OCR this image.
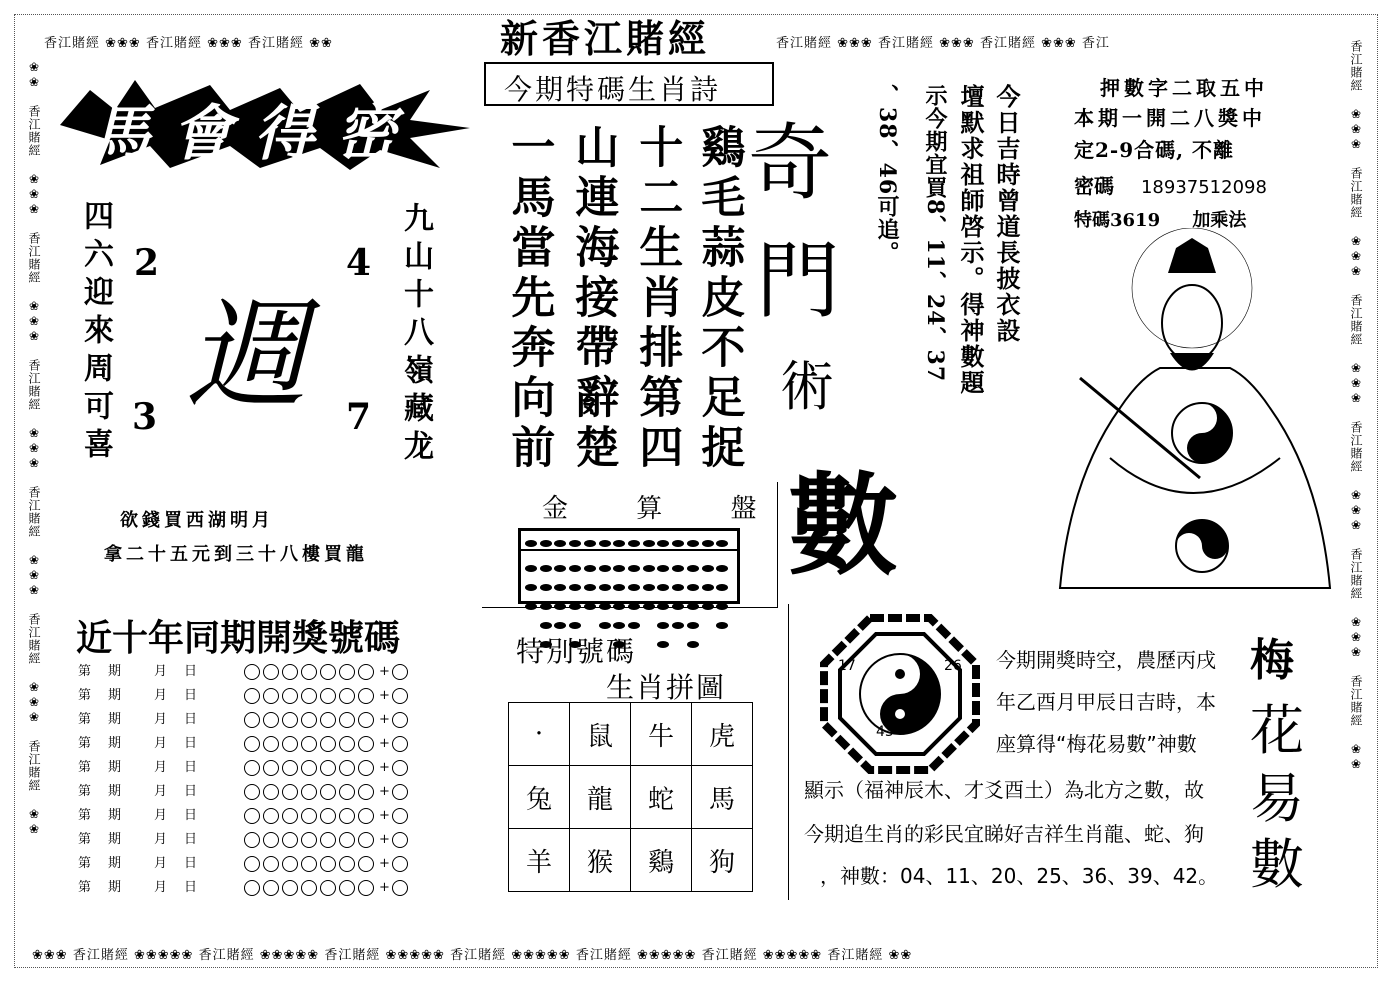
香江賭經 ❀❀❀ 香江賭經 ❀❀❀ 香江賭經 ❀❀	香江賭經 ❀❀❀ 香江賭經 ❀❀❀ 香江賭經 ❀❀❀ 香江
❀❀❀ 香江賭經 ❀❀❀❀❀ 香江賭經 ❀❀❀❀❀ 香江賭經 ❀❀❀❀❀ 香江賭經 ❀❀❀❀❀ 香江賭經 ❀❀❀❀❀ 香江賭經 ❀❀❀❀❀ 香江賭經 ❀❀
❀❀ 香江賭經 ❀❀❀ 香江賭經 ❀❀❀ 香江賭經 ❀❀❀ 香江賭經 ❀❀❀ 香江賭經 ❀❀❀ 香江賭經 ❀❀
香江賭經 ❀❀❀ 香江賭經 ❀❀❀ 香江賭經 ❀❀❀ 香江賭經 ❀❀❀ 香江賭經 ❀❀❀ 香江賭經 ❀❀
新香江賭經
今期特碼生肖詩
馬會得密
四六迎來周可喜	九山十八嶺藏龙
2	4
3	7
週
欲錢買西湖明月
拿二十五元到三十八樓買龍
鷄毛蒜皮不足捉
十二生肖排第四
山連海接帶辭楚
一馬當先奔向前 奇
門
術
數
金 算 盤
今日吉時曾道長披衣設
壇默求祖師啓示。得神數題
示今期宜買8、11、24、37
、38、46可追。	押數字二取五中
本期一開二八獎中
定2-9合碼, 不離
密碼 18937512098
特碼3619 加乘法
近十年同期開獎號碼
第 期	月 日	+
第 期	月 日	+
第 期	月 日	+
第 期	月 日	+
第 期	月 日	+
第 期	月 日	+
第 期	月 日	+
第 期	月 日	+
第 期	月 日	+
第 期	月 日	+
特別號碼
生肖拼圖
·	鼠	牛	虎
兔	龍	蛇	馬
羊	猴	鷄	狗
17	26
43
今期開獎時空，農歷丙戌
年乙酉月甲辰日吉時，本
座算得“梅花易數”神數
顯示（福神辰木、才爻酉土）為北方之數，故
今期追生肖的彩民宜睇好吉祥生肖龍、蛇、狗
，神數：04、11、20、25、36、39、42。
梅
花
易
數
